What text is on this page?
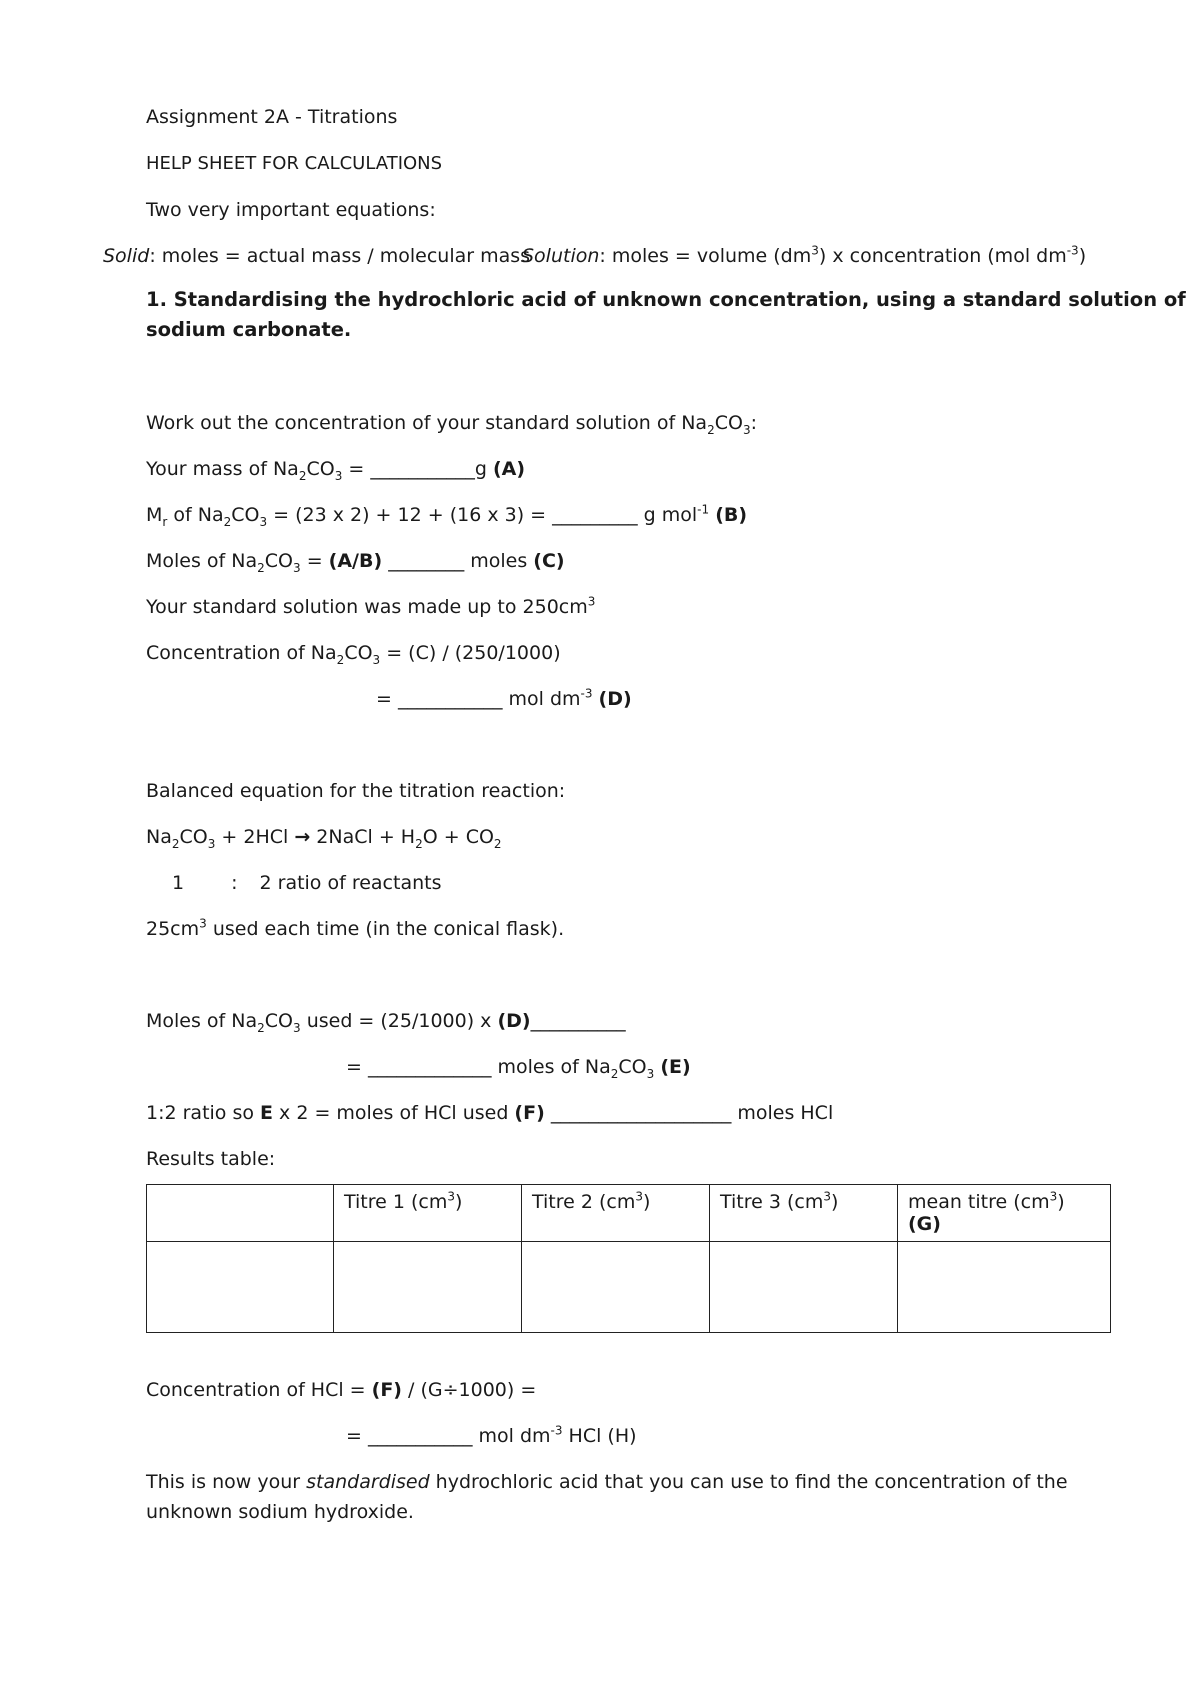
Assignment 2A - Titrations
HELP SHEET FOR CALCULATIONS
Two very important equations:
Solid: moles = actual mass / molecular mass
Solution: moles = volume $(dm^3)$ x concentration (mol $dm^{-3}$)
1. Standardising the hydrochloric acid of unknown concentration, using a standard solution of
sodium carbonate.
Work out the concentration of your standard solution of $Na_2CO_3$:
Your mass of $Na_2CO_3$ = ___________g (A)
$M_r$ of $Na_2CO_3 = (23$ x 2) + 12 + (16 x 3) = _________ g mol$^{-1}$ (B)
Moles of $Na_2CO_3 = (A/B)$ ________ moles (C)
Your standard solution was made up to $250cm^3$
Concentration of $Na_2CO_3 = (C) / (250/1000)$
= ___________ mol $dm^{-3}$ (D)
Balanced equation for the titration reaction:
$Na_2CO_3 + 2HCl$ → 2NaCl + $H_2O + CO_2$
1 : 2 ratio of reactants
$25cm^3$ used each time (in the conical flask).
Moles of $Na_2CO_3$ used = (25/1000) x (D)__________
= _____________ moles of $Na_2CO_3$ (E)
1:2 ratio so E x 2 = moles of HCl used (F) ___________________ moles HCl
Results table:
	Titre 1 $(cm^3)$	Titre 2 $(cm^3)$	Titre 3 $(cm^3)$	mean titre $(cm^3)$ (G)

Concentration of HCl = (F) / (G÷1000) =
= ___________ mol $dm^{-3}$ HCl (H)
This is now your standardised hydrochloric acid that you can use to find the concentration of the
unknown sodium hydroxide.
